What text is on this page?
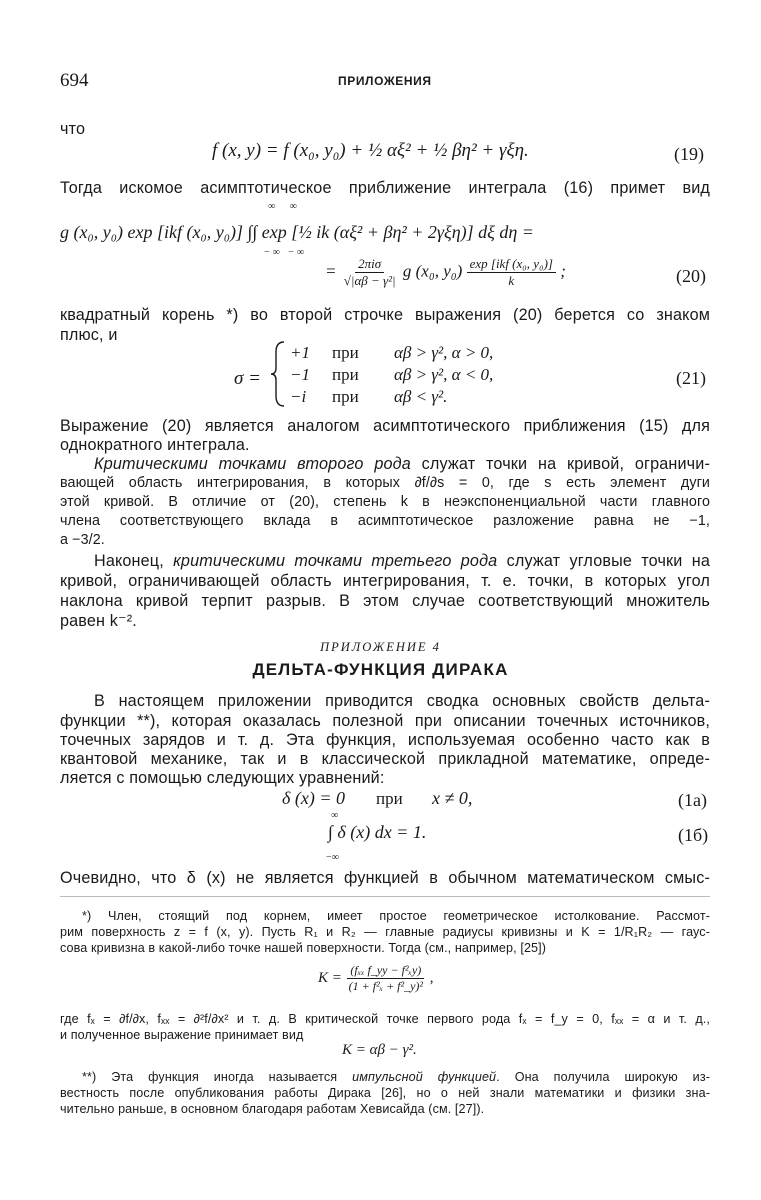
694	ПРИЛОЖЕНИЯ
что
f (x, y) = f (x₀, y₀) + ½ αξ² + ½ βη² + γξη.	(19)
Тогда искомое асимптотическое приближение интеграла (16) примет вид
g (x₀, y₀) exp [ikf (x₀, y₀)] ∫∫ exp [½ ik (αξ² + βη² + 2γξη)] dξ dη =
∞ ∞
−∞ −∞
= $\frac{\text{2πiσ}}{\text{√|αβ − γ²|}}$ g (x₀, $y_0) \frac{\text{exp [ikf (x₀, y₀)]}}{k}$ ;	(20)
квадратный корень *) во второй строчке выражения (20) берется со знаком
плюс, и
σ =
+1 при αβ > γ², α > 0,
−1 при αβ > γ², α < 0,
−i при αβ < γ².
(21)
Выражение (20) является аналогом асимптотического приближения (15) для
однократного интеграла.
Критическими точками второго рода служат точки на кривой, ограничи-
вающей область интегрирования, в которых ∂f/∂s = 0, где s есть элемент дуги
этой кривой. В отличие от (20), степень k в неэкспоненциальной части главного
члена соответствующего вклада в асимптотическое разложение равна не −1,
а −3/2.
Наконец, критическими точками третьего рода служат угловые точки на
кривой, ограничивающей область интегрирования, т. е. точки, в которых угол
наклона кривой терпит разрыв. В этом случае соответствующий множитель
равен k⁻².
ПРИЛОЖЕНИЕ 4
ДЕЛЬТА-ФУНКЦИЯ ДИРАКА
В настоящем приложении приводится сводка основных свойств дельта-
функции **), которая оказалась полезной при описании точечных источников,
точечных зарядов и т. д. Эта функция, используемая особенно часто как в
квантовой механике, так и в классической прикладной математике, опреде-
ляется с помощью следующих уравнений:
δ (x) = 0 при x ≠ 0,	(1а)
∞
−∞
∫ δ (x) dx = 1.	(1б)
Очевидно, что δ (x) не является функцией в обычном математическом смыс-
*) Член, стоящий под корнем, имеет простое геометрическое истолкование. Рассмот-
рим поверхность z = f (x, y). Пусть R₁ и R₂ — главные радиусы кривизны и K = 1/R₁R₂ — гаус-
сова кривизна в какой-либо точке нашей поверхности. Тогда (см., например, [25])
$K = \frac{\text{(fₓₓ f\_yy − f²ₓy)}}{\text{(1 + f²ₓ + f²\_y)²}}$ ,
где fₓ = ∂f/∂x, fₓₓ = ∂²f/∂x² и т. д. В критической точке первого рода fₓ = f_y = 0, fₓₓ = α и т. д.,
и полученное выражение принимает вид
K = αβ − γ².
**) Эта функция иногда называется импульсной функцией. Она получила широкую из-
вестность после опубликования работы Дирака [26], но о ней знали математики и физики зна-
чительно раньше, в основном благодаря работам Хевисайда (см. [27]).
